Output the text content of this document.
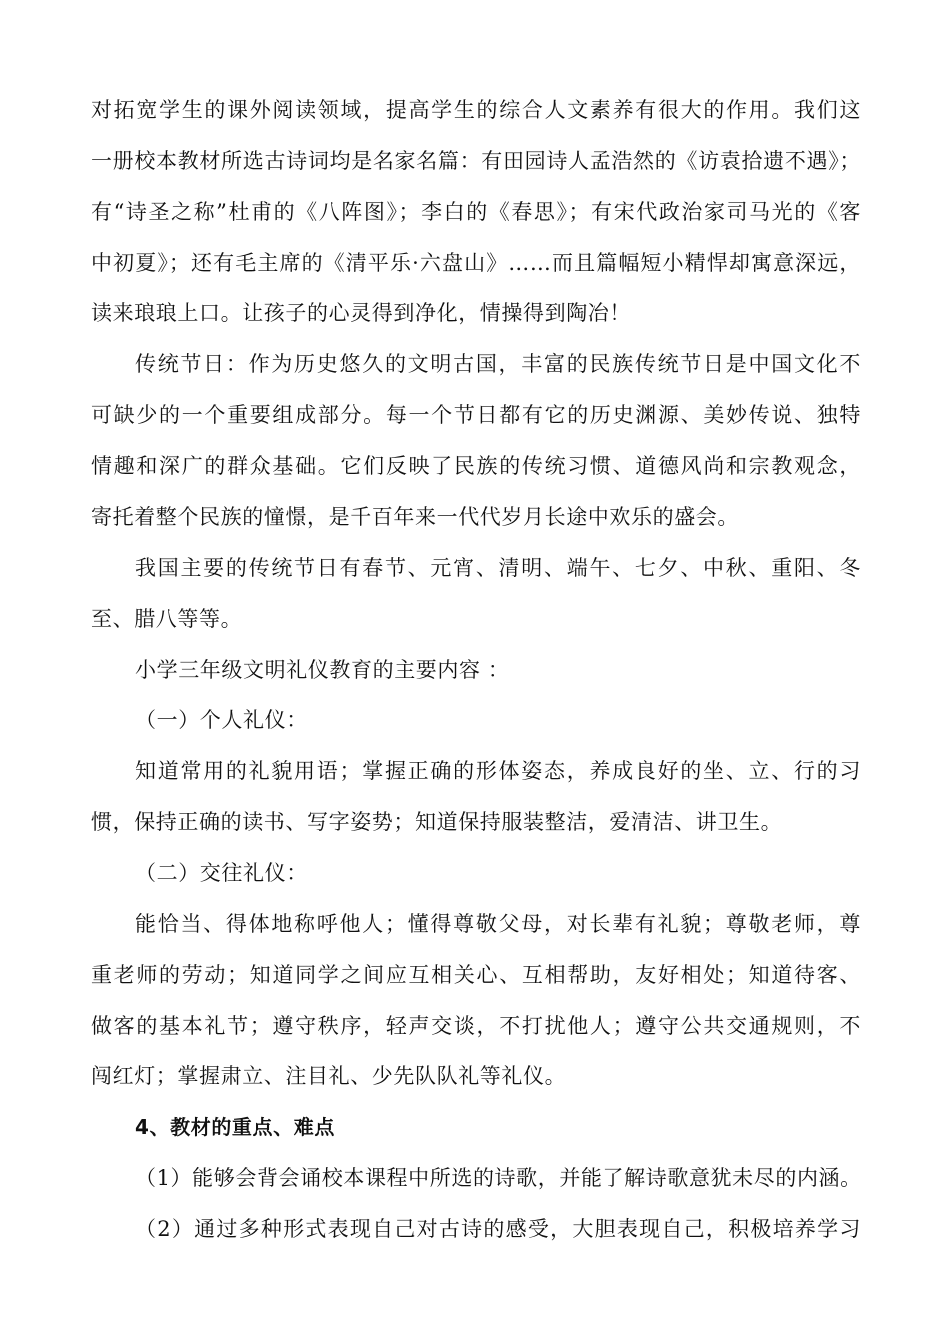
对拓宽学生的课外阅读领域，提高学生的综合人文素养有很大的作用。我们这
一册校本教材所选古诗词均是名家名篇：有田园诗人孟浩然的《访袁拾遗不遇》；
有“诗圣之称”杜甫的《八阵图》；李白的《春思》；有宋代政治家司马光的《客
中初夏》；还有毛主席的《清平乐·六盘山》……而且篇幅短小精悍却寓意深远，
读来琅琅上口。让孩子的心灵得到净化，情操得到陶冶！
传统节日：作为历史悠久的文明古国，丰富的民族传统节日是中国文化不
可缺少的一个重要组成部分。每一个节日都有它的历史渊源、美妙传说、独特
情趣和深广的群众基础。它们反映了民族的传统习惯、道德风尚和宗教观念，
寄托着整个民族的憧憬，是千百年来一代代岁月长途中欢乐的盛会。
我国主要的传统节日有春节、元宵、清明、端午、七夕、中秋、重阳、冬
至、腊八等等。
小学三年级文明礼仪教育的主要内容 ：
（一）个人礼仪：
知道常用的礼貌用语；掌握正确的形体姿态，养成良好的坐、立、行的习
惯，保持正确的读书、写字姿势；知道保持服装整洁，爱清洁、讲卫生。
（二）交往礼仪：
能恰当、得体地称呼他人；懂得尊敬父母，对长辈有礼貌；尊敬老师，尊
重老师的劳动；知道同学之间应互相关心、互相帮助，友好相处；知道待客、
做客的基本礼节；遵守秩序，轻声交谈，不打扰他人；遵守公共交通规则，不
闯红灯；掌握肃立、注目礼、少先队队礼等礼仪。
4、教材的重点、难点
（1）能够会背会诵校本课程中所选的诗歌，并能了解诗歌意犹未尽的内涵。
（2）通过多种形式表现自己对古诗的感受，大胆表现自己，积极培养学习
